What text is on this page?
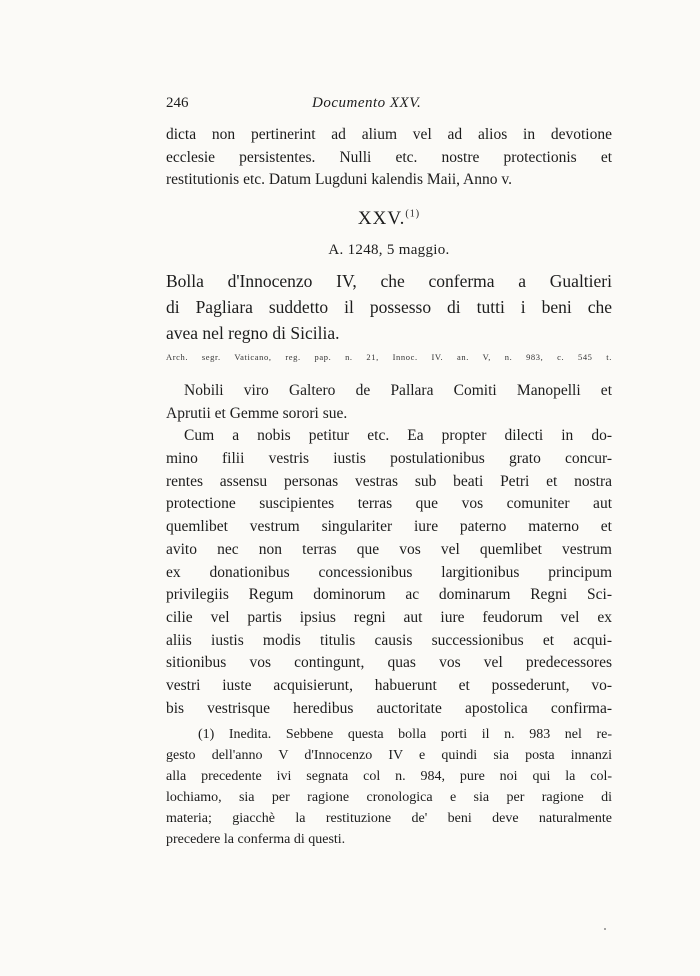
246	Documento XXV.
dicta non pertinerint ad alium vel ad alios in devotione
ecclesie persistentes. Nulli etc. nostre protectionis et
restitutionis etc. Datum Lugduni kalendis Maii, Anno v.
XXV.$^{(1)}$
A. 1248, 5 maggio.
Bolla d'Innocenzo IV, che conferma a Gualtieri
di Pagliara suddetto il possesso di tutti i beni che
avea nel regno di Sicilia.
Arch. segr. Vaticano, reg. pap. n. 21, Innoc. IV. an. V, n. 983, c. 545 t.
Nobili viro Galtero de Pallara Comiti Manopelli et
Aprutii et Gemme sorori sue.
Cum a nobis petitur etc. Ea propter dilecti in do-
mino filii vestris iustis postulationibus grato concur-
rentes assensu personas vestras sub beati Petri et nostra
protectione suscipientes terras que vos comuniter aut
quemlibet vestrum singulariter iure paterno materno et
avito nec non terras que vos vel quemlibet vestrum
ex donationibus concessionibus largitionibus principum
privilegiis Regum dominorum ac dominarum Regni Sci-
cilie vel partis ipsius regni aut iure feudorum vel ex
aliis iustis modis titulis causis successionibus et acqui-
sitionibus vos contingunt, quas vos vel predecessores
vestri iuste acquisierunt, habuerunt et possederunt, vo-
bis vestrisque heredibus auctoritate apostolica confirma-
(1) Inedita. Sebbene questa bolla porti il n. 983 nel re-
gesto dell'anno V d'Innocenzo IV e quindi sia posta innanzi
alla precedente ivi segnata col n. 984, pure noi qui la col-
lochiamo, sia per ragione cronologica e sia per ragione di
materia; giacchè la restituzione de' beni deve naturalmente
precedere la conferma di questi.
